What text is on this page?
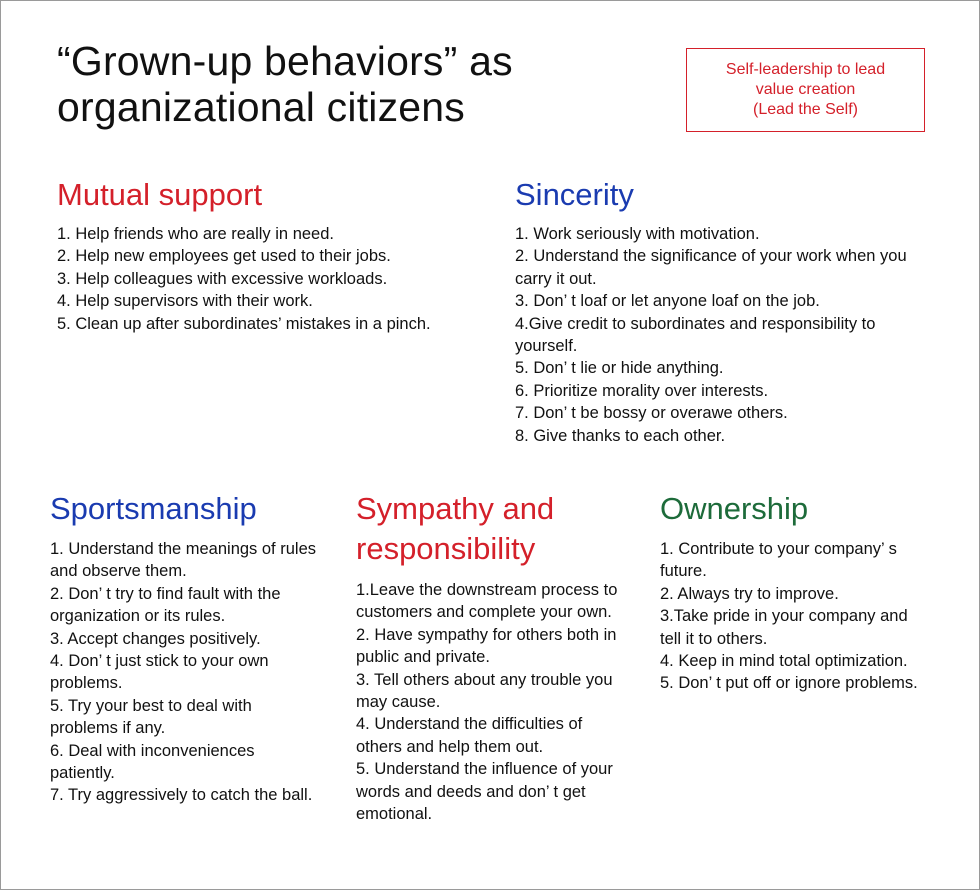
“Grown-up behaviors” as
organizational citizens
Self-leadership to lead
value creation
(Lead the Self)
Mutual support
1. Help friends who are really in need.
2. Help new employees get used to their jobs.
3. Help colleagues with excessive workloads.
4. Help supervisors with their work.
5. Clean up after subordinates’ mistakes in a pinch.
Sincerity
1. Work seriously with motivation.
2. Understand the significance of your work when you carry it out.
3. Don’ t loaf or let anyone loaf on the job.
4.Give credit to subordinates and responsibility to yourself.
5. Don’ t lie or hide anything.
6. Prioritize morality over interests.
7. Don’ t be bossy or overawe others.
8. Give thanks to each other.
Sportsmanship
1. Understand the meanings of rules and observe them.
2. Don’ t try to find fault with the organization or its rules.
3. Accept changes positively.
4. Don’ t just stick to your own problems.
5. Try your best to deal with problems if any.
6. Deal with inconveniences patiently.
7. Try aggressively to catch the ball.
Sympathy and
responsibility
1.Leave the downstream process to customers and complete your own.
2. Have sympathy for others both in public and private.
3. Tell others about any trouble you may cause.
4. Understand the difficulties of others and help them out.
5. Understand the influence of your words and deeds and don’ t get emotional.
Ownership
1. Contribute to your company’ s future.
2. Always try to improve.
3.Take pride in your company and tell it to others.
4. Keep in mind total optimization.
5. Don’ t put off or ignore problems.
